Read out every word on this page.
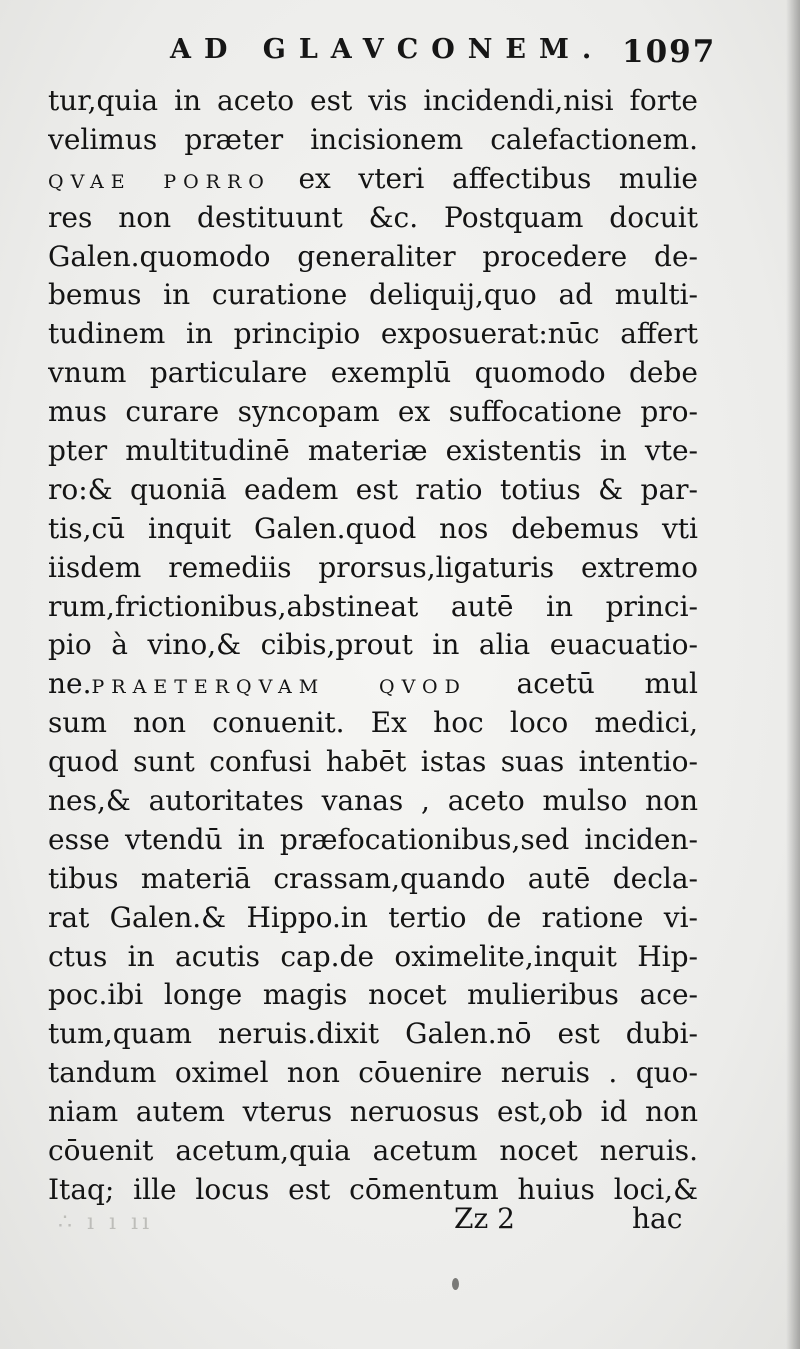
AD GLAVCONEM. 1097
tur,quia in aceto est vis incidendi,nisi forte
velimus præter incisionem calefactionem.
QVAE PORRO ex vteri affectibus mulie
res non destituunt &c. Postquam docuit
Galen.quomodo generaliter procedere de-
bemus in curatione deliquij,quo ad multi-
tudinem in principio exposuerat:nūc affert
vnum particulare exemplū quomodo debe
mus curare syncopam ex suffocatione pro-
pter multitudinē materiæ existentis in vte-
ro:& quoniā eadem est ratio totius & par-
tis,cū inquit Galen.quod nos debemus vti
iisdem remediis prorsus,ligaturis extremo
rum,frictionibus,abstineat autē in princi-
pio à vino,& cibis,prout in alia euacuatio-
ne.PRAETERQVAM QVOD acetū mul
sum non conuenit. Ex hoc loco medici,
quod sunt confusi habēt istas suas intentio-
nes,& autoritates vanas , aceto mulso non
esse vtendū in præfocationibus,sed inciden-
tibus materiā crassam,quando autē decla-
rat Galen.& Hippo.in tertio de ratione vi-
ctus in acutis cap.de oximelite,inquit Hip-
poc.ibi longe magis nocet mulieribus ace-
tum,quam neruis.dixit Galen.nō est dubi-
tandum oximel non cōuenire neruis . quo-
niam autem vterus neruosus est,ob id non
cōuenit acetum,quia acetum nocet neruis.
Itaq; ille locus est cōmentum huius loci,&
∴ ı ı ıı	Zz 2	hac
